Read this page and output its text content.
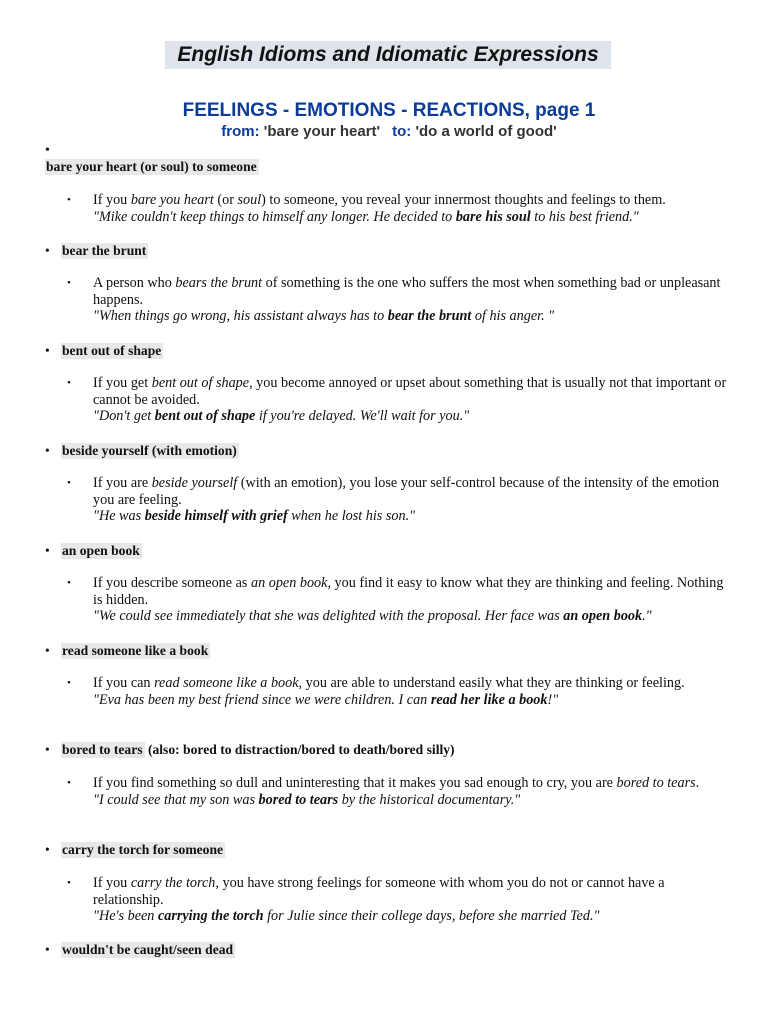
English Idioms and Idiomatic Expressions
FEELINGS - EMOTIONS - REACTIONS, page 1
from: 'bare your heart' to: 'do a world of good'
•
bare your heart (or soul) to someone
• If you bare you heart (or soul) to someone, you reveal your innermost thoughts and feelings to them.
"Mike couldn't keep things to himself any longer. He decided to bare his soul to his best friend."
• bear the brunt
• A person who bears the brunt of something is the one who suffers the most when something bad or unpleasant happens.
"When things go wrong, his assistant always has to bear the brunt of his anger. "
• bent out of shape
• If you get bent out of shape, you become annoyed or upset about something that is usually not that important or cannot be avoided.
"Don't get bent out of shape if you're delayed. We'll wait for you."
• beside yourself (with emotion)
• If you are beside yourself (with an emotion), you lose your self-control because of the intensity of the emotion you are feeling.
"He was beside himself with grief when he lost his son."
• an open book
• If you describe someone as an open book, you find it easy to know what they are thinking and feeling. Nothing is hidden.
"We could see immediately that she was delighted with the proposal. Her face was an open book."
• read someone like a book
• If you can read someone like a book, you are able to understand easily what they are thinking or feeling.
"Eva has been my best friend since we were children. I can read her like a book!"
• bored to tears (also: bored to distraction/bored to death/bored silly)
• If you find something so dull and uninteresting that it makes you sad enough to cry, you are bored to tears.
"I could see that my son was bored to tears by the historical documentary."
• carry the torch for someone
• If you carry the torch, you have strong feelings for someone with whom you do not or cannot have a relationship.
"He's been carrying the torch for Julie since their college days, before she married Ted."
• wouldn't be caught/seen dead
